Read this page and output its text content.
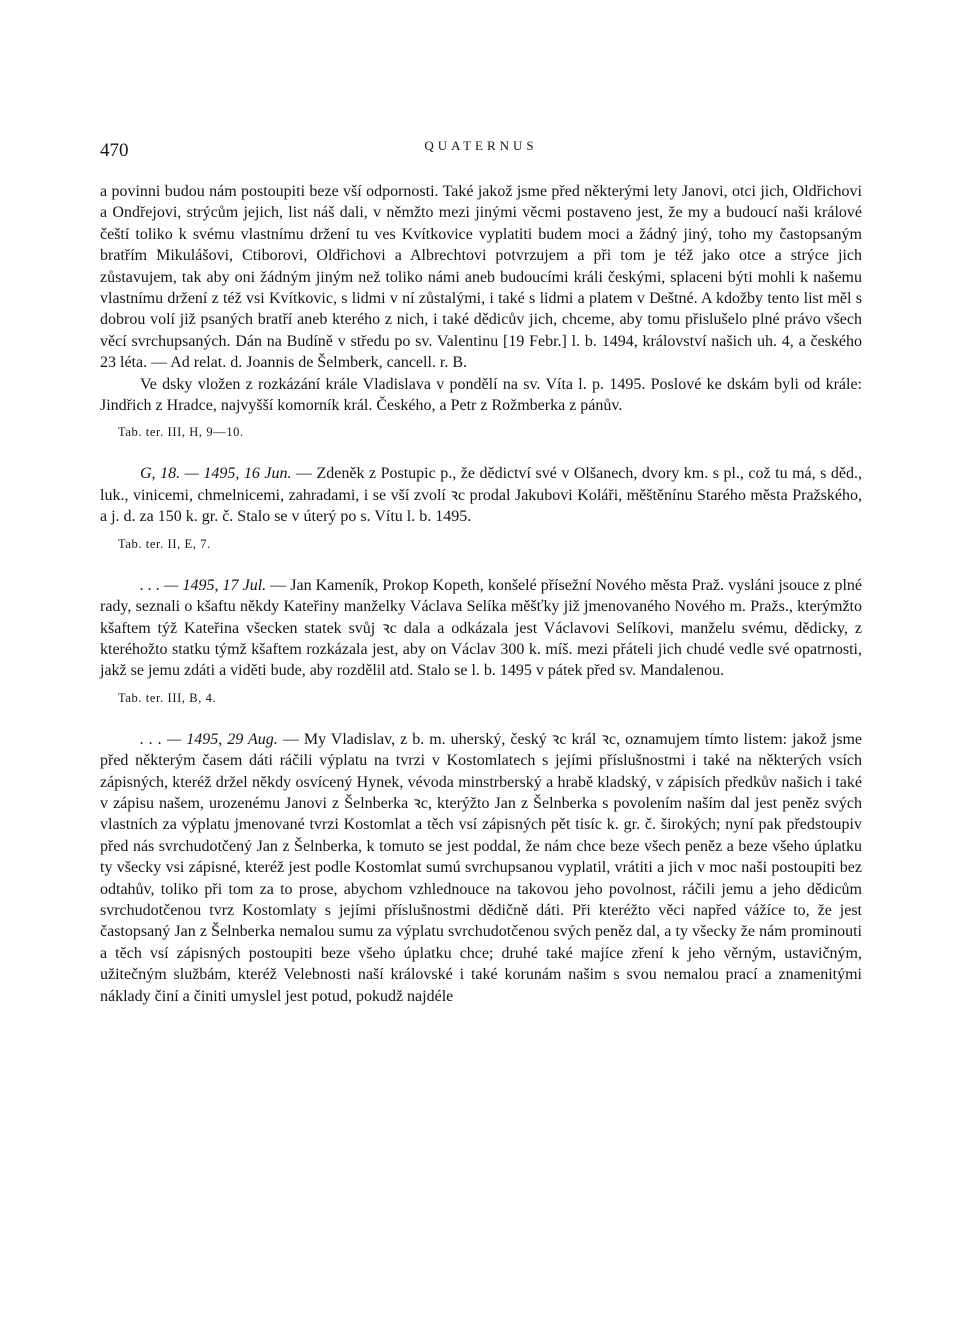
470	QUATERNUS

a povinni budou nám postoupiti beze vší odpornosti. Také jakož jsme před některými lety Janovi, otci jich, Oldřichovi a Ondřejovi, strýcům jejich, list náš dali, v němžto mezi jinými věcmi postaveno jest, že my a budoucí naši králové čeští toliko k svému vlastnímu držení tu ves Kvítkovice vyplatiti budem moci a žádný jiný, toho my častopsaným bratřím Mikulášovi, Ctiborovi, Oldřichovi a Albrechtovi potvrzujem a při tom je též jako otce a strýce jich zůstavujem, tak aby oni žádným jiným než toliko námi aneb budoucími králi českými, splaceni býti mohli k našemu vlastnímu držení z též vsi Kvítkovic, s lidmi v ní zůstalými, i také s lidmi a platem v Deštné. A kdožby tento list měl s dobrou volí již psaných bratří aneb kterého z nich, i také dědicův jich, chceme, aby tomu přislušelo plné právo všech věcí svrchupsaných. Dán na Budíně v středu po sv. Valentinu [19 Febr.] l. b. 1494, království našich uh. 4, a českého 23 léta. — Ad relat. d. Joannis de Šelmberk, cancell. r. B.

Ve dsky vložen z rozkázání krále Vladislava v pondělí na sv. Víta l. p. 1495. Poslové ke dskám byli od krále: Jindřich z Hradce, najvyšší komorník král. Českého, a Petr z Rožmberka z pánův.

Tab. ter. III, H, 9—10.

G, 18. — 1495, 16 Jun. — Zdeněk z Postupic p., že dědictví své v Olšanech, dvory km. s pl., což tu má, s děd., luk., vinicemi, chmelnicemi, zahradami, i se vší zvolí ꝛc prodal Jakubovi Koláři, měštěnínu Starého města Pražského, a j. d. za 150 k. gr. č. Stalo se v úterý po s. Vítu l. b. 1495.

Tab. ter. II, E, 7.

. . . — 1495, 17 Jul. — Jan Kameník, Prokop Kopeth, konšelé přísežní Nového města Praž. vysláni jsouce z plné rady, seznali o kšaftu někdy Kateřiny manželky Václava Selíka měšťky již jmenovaného Nového m. Pražs., kterýmžto kšaftem týž Kateřina všecken statek svůj ꝛc dala a odkázala jest Václavovi Selíkovi, manželu svému, dědicky, z kteréhožto statku týmž kšaftem rozkázala jest, aby on Václav 300 k. míš. mezi přáteli jich chudé vedle své opatrnosti, jakž se jemu zdáti a viděti bude, aby rozdělil atd. Stalo se l. b. 1495 v pátek před sv. Mandalenou.

Tab. ter. III, B, 4.

. . . — 1495, 29 Aug. — My Vladislav, z b. m. uherský, český ꝛc král ꝛc, oznamujem tímto listem: jakož jsme před některým časem dáti ráčili výplatu na tvrzi v Kostomlatech s jejími příslušnostmi i také na některých vsích zápisných, kteréž držel někdy osvícený Hynek, vévoda minstrberský a hrabě kladský, v zápisích předkův našich i také v zápisu našem, urozenému Janovi z Šelnberka ꝛc, kterýžto Jan z Šelnberka s povolením naším dal jest peněz svých vlastních za výplatu jmenované tvrzi Kostomlat a těch vsí zápisných pět tisíc k. gr. č. širokých; nyní pak předstoupiv před nás svrchudotčený Jan z Šelnberka, k tomuto se jest poddal, že nám chce beze všech peněz a beze všeho úplatku ty všecky vsi zápisné, kteréž jest podle Kostomlat sumú svrchupsanou vyplatil, vrátiti a jich v moc naši postoupiti bez odtahův, toliko při tom za to prose, abychom vzhlednouce na takovou jeho povolnost, ráčili jemu a jeho dědicům svrchudotčenou tvrz Kostomlaty s jejími příslušnostmi dědičně dáti. Při kteréžto věci napřed vážíce to, že jest častopsaný Jan z Šelnberka nemalou sumu za výplatu svrchudotčenou svých peněz dal, a ty všecky že nám prominouti a těch vsí zápisných postoupiti beze všeho úplatku chce; druhé také majíce zření k jeho věrným, ustavičným, užitečným službám, kteréž Velebnosti naší královské i také korunám našim s svou nemalou prací a znamenitými náklady činí a činiti umyslel jest potud, pokudž najdéle
